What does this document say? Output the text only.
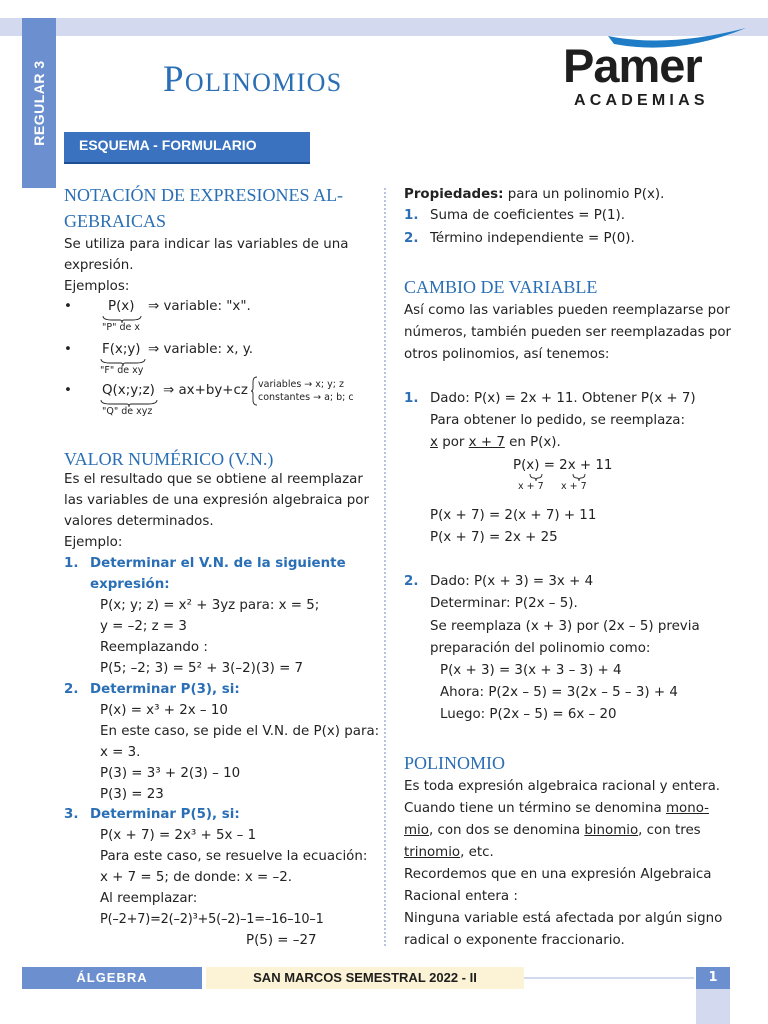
REGULAR 3	Polinomios	Pamer
ACADEMIAS
ESQUEMA - FORMULARIO
NOTACIÓN DE EXPRESIONES AL-
GEBRAICAS
Se utiliza para indicar las variables de una
expresión.
Ejemplos:
•	P(x)
"P" de x
⇒ variable: "x".
• F(x;y)
"F" de xy
⇒ variable: x, y.
• Q(x;y;z)
"Q" de xyz
⇒ ax+by+cz variables → x; y; z
constantes → a; b; c
VALOR NUMÉRICO (V.N.)
Es el resultado que se obtiene al reemplazar
las variables de una expresión algebraica por
valores determinados.
Ejemplo:
1. Determinar el V.N. de la siguiente
expresión:
P(x; y; z) = x² + 3yz para: x = 5;
y = –2; z = 3
Reemplazando :
P(5; –2; 3) = 5² + 3(–2)(3) = 7
2. Determinar P(3), si:
P(x) = x³ + 2x – 10
En este caso, se pide el V.N. de P(x) para:
x = 3.
P(3) = 3³ + 2(3) – 10
P(3) = 23
3. Determinar P(5), si:
P(x + 7) = 2x³ + 5x – 1
Para este caso, se resuelve la ecuación:
x + 7 = 5; de donde: x = –2.
Al reemplazar:
P(–2+7)=2(–2)³+5(–2)–1=–16–10–1
P(5) = –27
Propiedades: para un polinomio P(x).
1. Suma de coeficientes = P(1).
2. Término independiente = P(0).
CAMBIO DE VARIABLE
Así como las variables pueden reemplazarse por
números, también pueden ser reemplazadas por
otros polinomios, así tenemos:
1. Dado: P(x) = 2x + 11. Obtener P(x + 7)
Para obtener lo pedido, se reemplaza:
x por x + 7 en P(x).
P(x) = 2x + 11
x + 7 x + 7
P(x + 7) = 2(x + 7) + 11
P(x + 7) = 2x + 25
2. Dado: P(x + 3) = 3x + 4
Determinar: P(2x – 5).
Se reemplaza (x + 3) por (2x – 5) previa
preparación del polinomio como:
P(x + 3) = 3(x + 3 – 3) + 4
Ahora: P(2x – 5) = 3(2x – 5 – 3) + 4
Luego: P(2x – 5) = 6x – 20
POLINOMIO
Es toda expresión algebraica racional y entera.
Cuando tiene un término se denomina mono-
mio, con dos se denomina binomio, con tres
trinomio, etc.
Recordemos que en una expresión Algebraica
Racional entera :
Ninguna variable está afectada por algún signo
radical o exponente fraccionario.
ÁLGEBRA	SAN MARCOS SEMESTRAL 2022 - II	1
